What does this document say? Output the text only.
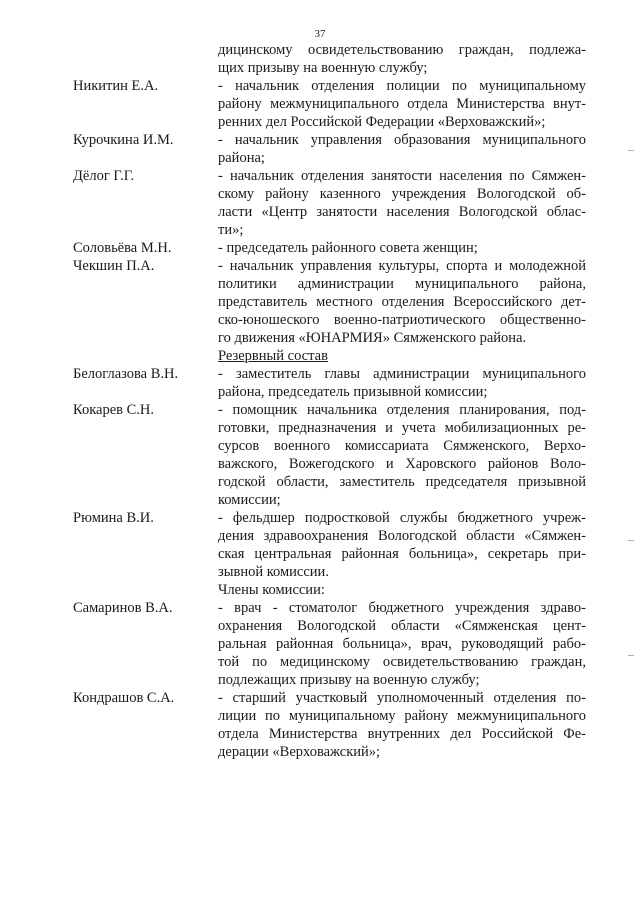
37
дицинскому освидетельствованию граждан, подлежа-
щих призыву на военную службу;
Никитин Е.А.	- начальник отделения полиции по муниципальному
району межмуниципального отдела Министерства внут-
ренних дел Российской Федерации «Верховажский»;
Курочкина И.М.	- начальник управления образования муниципального
района;
Дёлог Г.Г.	- начальник отделения занятости населения по Сямжен-
скому району казенного учреждения Вологодской об-
ласти «Центр занятости населения Вологодской облас-
ти»;
Соловьёва М.Н.	- председатель районного совета женщин;
Чекшин П.А.	- начальник управления культуры, спорта и молодежной
политики администрации муниципального района,
представитель местного отделения Всероссийского дет-
ско-юношеского военно-патриотического общественно-
го движения «ЮНАРМИЯ» Сямженского района.
Резервный состав
Белоглазова В.Н.	- заместитель главы администрации муниципального
района, председатель призывной комиссии;
Кокарев С.Н.	- помощник начальника отделения планирования, под-
готовки, предназначения и учета мобилизационных ре-
сурсов военного комиссариата Сямженского, Верхо-
важского, Вожегодского и Харовского районов Воло-
годской области, заместитель председателя призывной
комиссии;
Рюмина В.И.	- фельдшер подростковой службы бюджетного учреж-
дения здравоохранения Вологодской области «Сямжен-
ская центральная районная больница», секретарь при-
зывной комиссии.
Члены комиссии:
Самаринов В.А.	- врач - стоматолог бюджетного учреждения здраво-
охранения Вологодской области «Сямженская цент-
ральная районная больница», врач, руководящий рабо-
той по медицинскому освидетельствованию граждан,
подлежащих призыву на военную службу;
Кондрашов С.А.	- старший участковый уполномоченный отделения по-
лиции по муниципальному району межмуниципального
отдела Министерства внутренних дел Российской Фе-
дерации «Верховажский»;
